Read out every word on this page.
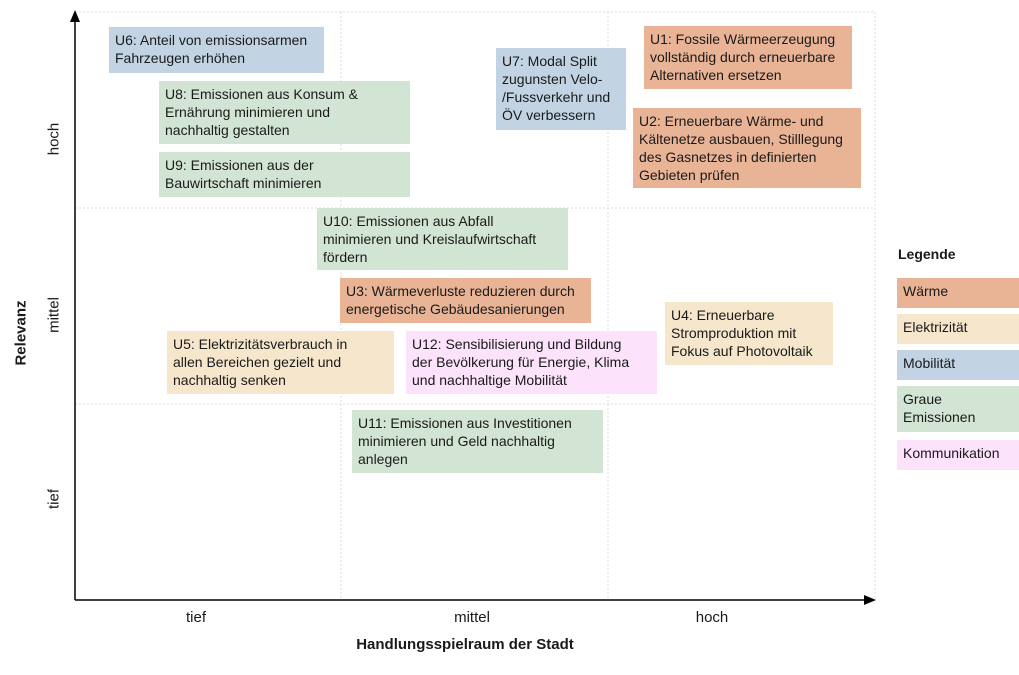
U6: Anteil von emissionsarmen
Fahrzeugen erhöhen
U8: Emissionen aus Konsum &
Ernährung minimieren und
nachhaltig gestalten
U9: Emissionen aus der
Bauwirtschaft minimieren
U7: Modal Split
zugunsten Velo-
/Fussverkehr und
ÖV verbessern
U1: Fossile Wärmeerzeugung
vollständig durch erneuerbare
Alternativen ersetzen
U2: Erneuerbare Wärme- und
Kältenetze ausbauen, Stilllegung
des Gasnetzes in definierten
Gebieten prüfen
U10: Emissionen aus Abfall
minimieren und Kreislaufwirtschaft
fördern
U3: Wärmeverluste reduzieren durch
energetische Gebäudesanierungen	U4: Erneuerbare
Stromproduktion mit
Fokus auf Photovoltaik
U5: Elektrizitätsverbrauch in
allen Bereichen gezielt und
nachhaltig senken
U12: Sensibilisierung und Bildung
der Bevölkerung für Energie, Klima
und nachhaltige Mobilität
U11: Emissionen aus Investitionen
minimieren und Geld nachhaltig
anlegen
tief	mittel	hoch
hoch
mittel
tief
Handlungsspielraum der Stadt
Relevanz
Legende
Wärme
Elektrizität
Mobilität
Graue
Emissionen
Kommunikation
